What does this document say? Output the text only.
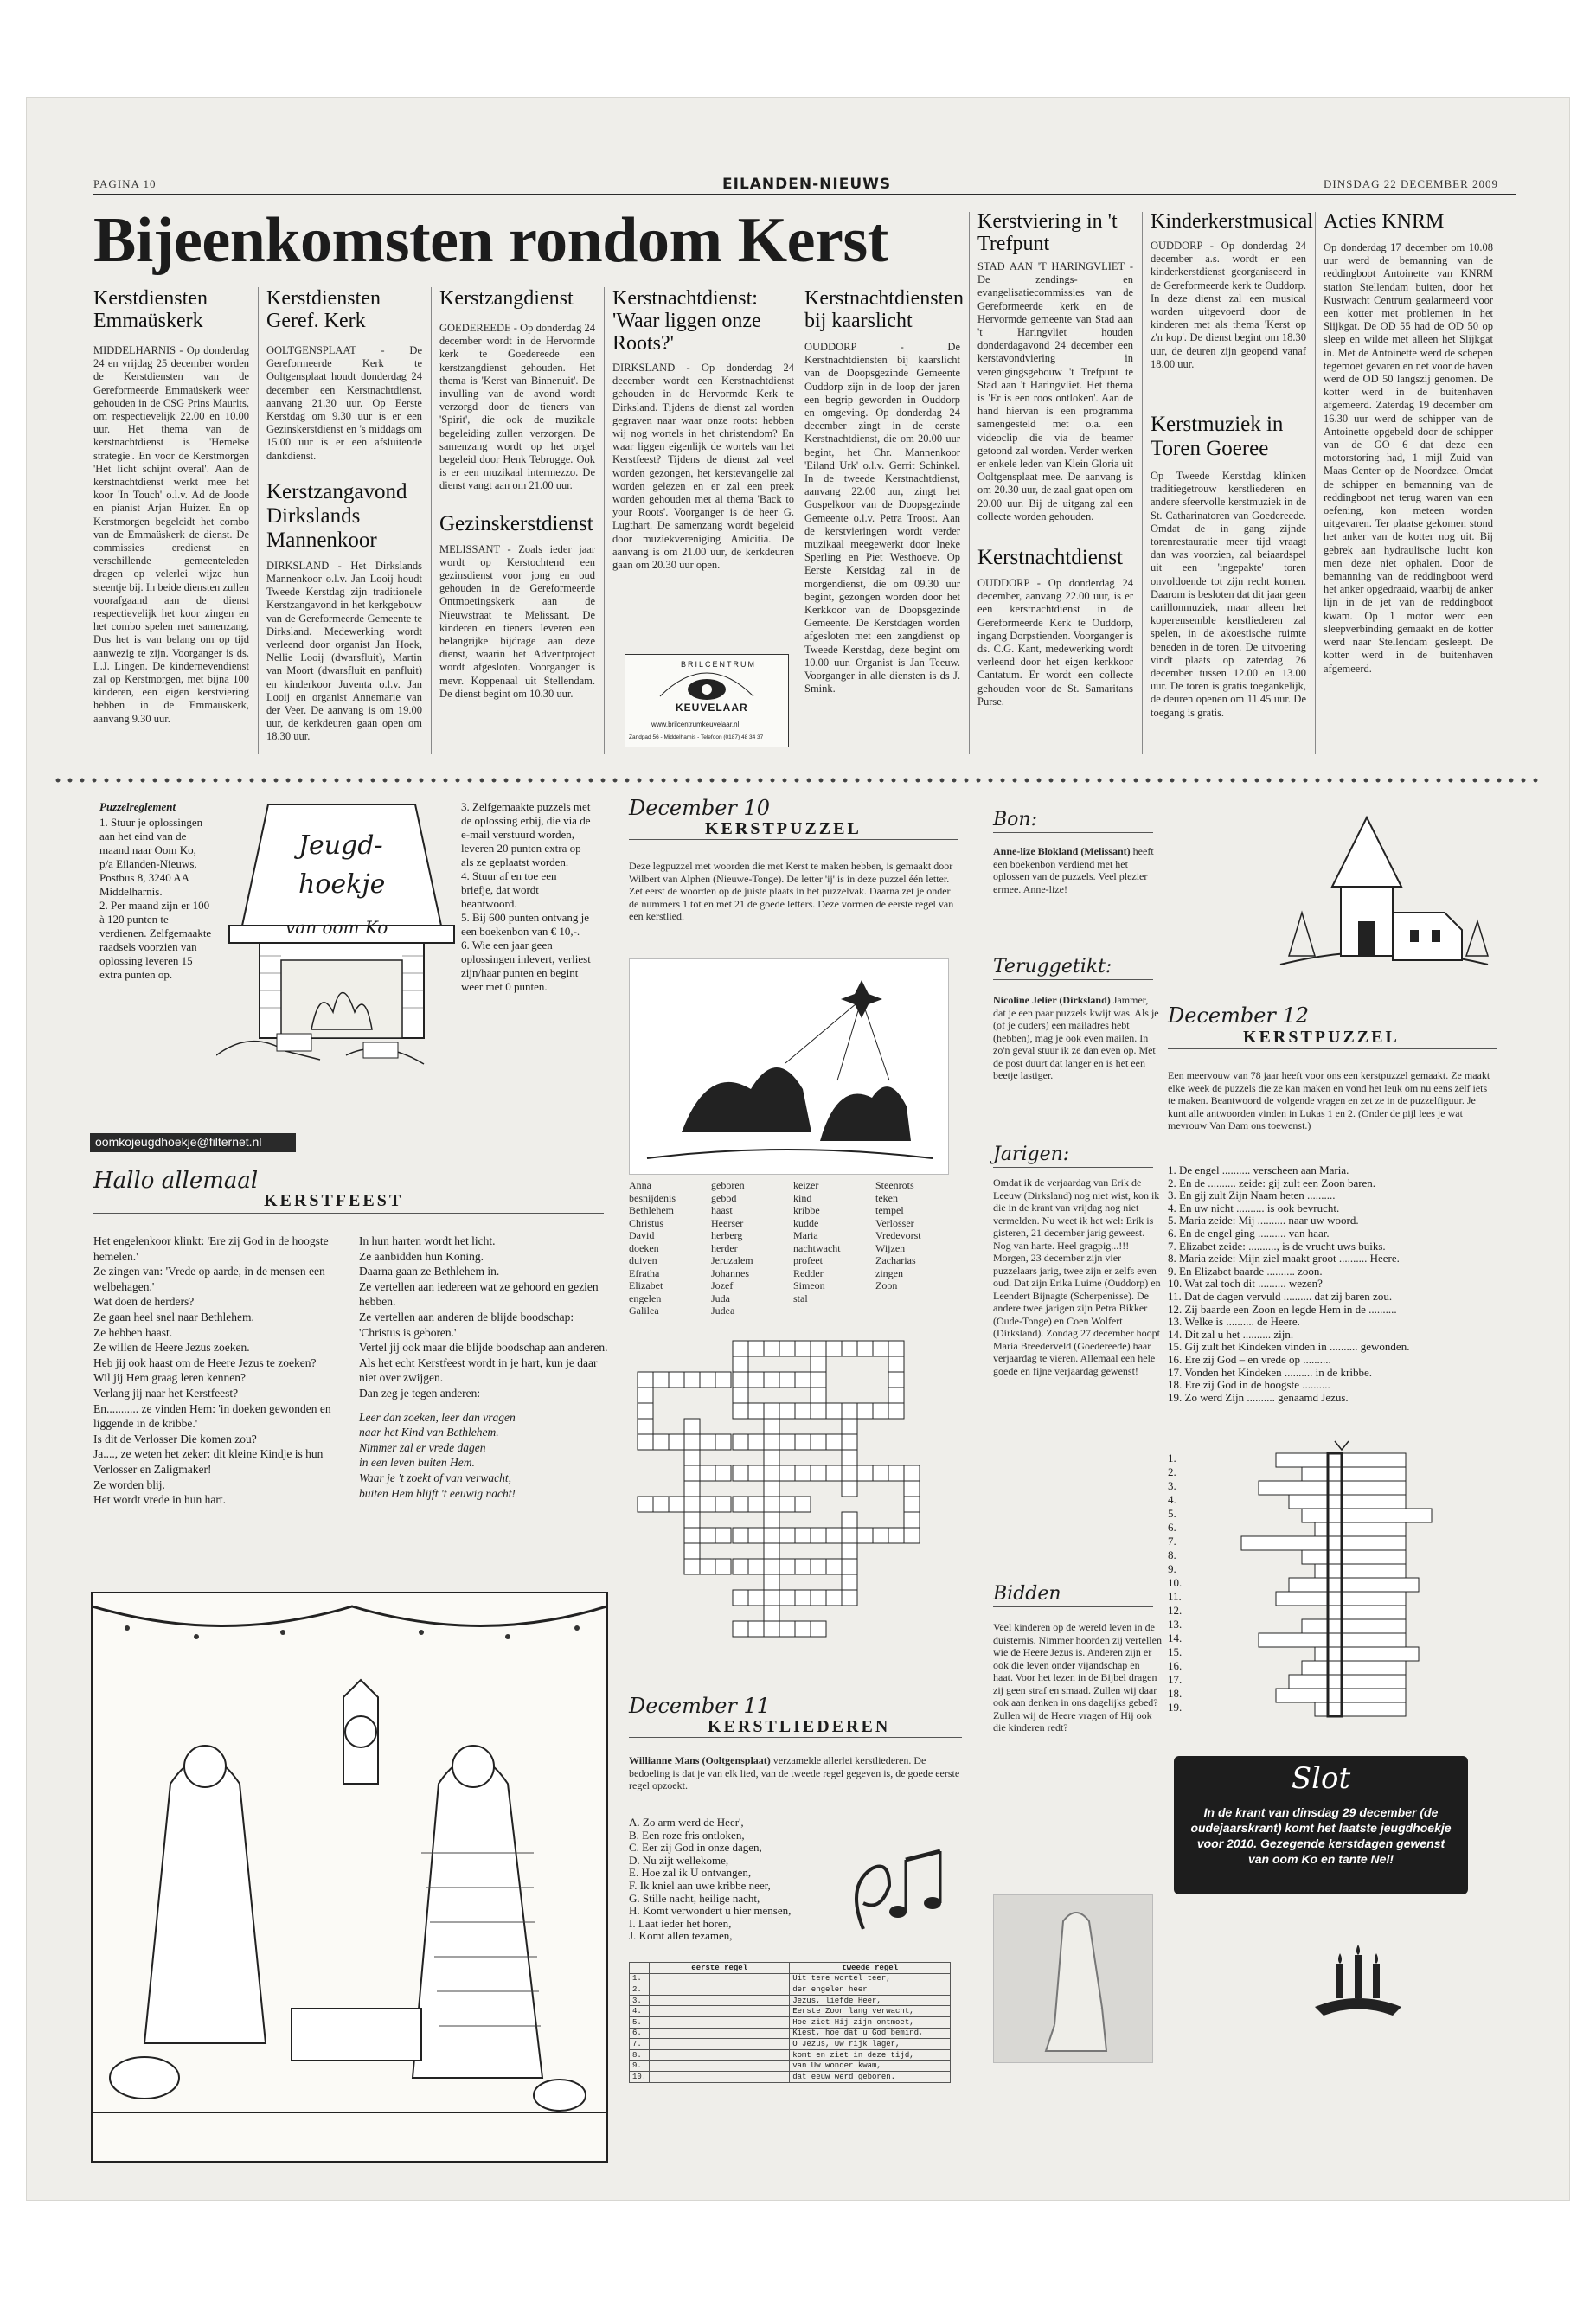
PAGINA 10	EILANDEN-NIEUWS	DINSDAG 22 DECEMBER 2009
Bijeenkomsten rondom Kerst
Kerstdiensten Emmaüskerk
MIDDELHARNIS - Op donderdag 24 en vrijdag 25 december worden de Kerstdiensten van de Gereformeerde Emmaüskerk weer gehouden in de CSG Prins Maurits, om respectievelijk 22.00 en 10.00 uur. Het thema van de kerstnachtdienst is 'Hemelse strategie'. En voor de Kerstmorgen 'Het licht schijnt overal'. Aan de kerstnachtdienst werkt mee het koor 'In Touch' o.l.v. Ad de Joode en pianist Arjan Huizer. En op Kerstmorgen begeleidt het combo van de Emmaüskerk de dienst. De commissies eredienst en verschillende gemeenteleden dragen op velerlei wijze hun steentje bij. In beide diensten zullen voorafgaand aan de dienst respectievelijk het koor zingen en het combo spelen met samenzang. Dus het is van belang om op tijd aanwezig te zijn. Voorganger is ds. L.J. Lingen. De kindernevendienst zal op Kerstmorgen, met bijna 100 kinderen, een eigen kerstviering hebben in de Emmaüskerk, aanvang 9.30 uur.
Kerstdiensten Geref. Kerk
OOLTGENSPLAAT - De Gereformeerde Kerk te Ooltgensplaat houdt donderdag 24 december een Kerstnachtdienst, aanvang 21.30 uur. Op Eerste Kerstdag om 9.30 uur is er een Gezinskerstdienst en 's middags om 15.00 uur is er een afsluitende dankdienst.
Kerstzangavond Dirkslands Mannenkoor
DIRKSLAND - Het Dirkslands Mannenkoor o.l.v. Jan Looij houdt Tweede Kerstdag zijn traditionele Kerstzangavond in het kerkgebouw van de Gereformeerde Gemeente te Dirksland. Medewerking wordt verleend door organist Jan Hoek, Nellie Looij (dwarsfluit), Martin van Moort (dwarsfluit en panfluit) en kinderkoor Juventa o.l.v. Jan Looij en organist Annemarie van der Veer. De aanvang is om 19.00 uur, de kerkdeuren gaan open om 18.30 uur.
Kerstzangdienst
GOEDEREEDE - Op donderdag 24 december wordt in de Hervormde kerk te Goedereede een kerstzangdienst gehouden. Het thema is 'Kerst van Binnenuit'. De invulling van de avond wordt verzorgd door de tieners van 'Spirit', die ook de muzikale begeleiding zullen verzorgen. De samenzang wordt op het orgel begeleid door Henk Tebrugge. Ook is er een muzikaal intermezzo. De dienst vangt aan om 21.00 uur.
Gezinskerstdienst
MELISSANT - Zoals ieder jaar wordt op Kerstochtend een gezinsdienst voor jong en oud gehouden in de Gereformeerde Ontmoetingskerk aan de Nieuwstraat te Melissant. De kinderen en tieners leveren een belangrijke bijdrage aan deze dienst, waarin het Adventproject wordt afgesloten. Voorganger is mevr. Koppenaal uit Stellendam. De dienst begint om 10.30 uur.
Kerstnachtdienst: 'Waar liggen onze Roots?'
DIRKSLAND - Op donderdag 24 december wordt een Kerstnachtdienst gehouden in de Hervormde Kerk te Dirksland. Tijdens de dienst zal worden gegraven naar waar onze roots: hebben wij nog wortels in het christendom? En waar liggen eigenlijk de wortels van het Kerstfeest? Tijdens de dienst zal veel worden gezongen, het kerstevangelie zal worden gelezen en er zal een preek worden gehouden met al thema 'Back to your Roots'. Voorganger is de heer G. Lugthart. De samenzang wordt begeleid door muziekvereniging Amicitia. De aanvang is om 21.00 uur, de kerkdeuren gaan om 20.30 uur open.
BRILCENTRUM
KEUVELAAR
www.brilcentrumkeuvelaar.nl
Zandpad 56 - Middelharnis - Telefoon (0187) 48 34 37
Kerstnachtdiensten bij kaarslicht
OUDDORP - De Kerstnachtdiensten bij kaarslicht van de Doopsgezinde Gemeente Ouddorp zijn in de loop der jaren een begrip geworden in Ouddorp en omgeving. Op donderdag 24 december zingt in de eerste Kerstnachtdienst, die om 20.00 uur begint, het Chr. Mannenkoor 'Eiland Urk' o.l.v. Gerrit Schinkel. In de tweede Kerstnachtdienst, aanvang 22.00 uur, zingt het Gospelkoor van de Doopsgezinde Gemeente o.l.v. Petra Troost. Aan de kerstvieringen wordt verder muzikaal meegewerkt door Ineke Sperling en Piet Westhoeve. Op Eerste Kerstdag zal in de morgendienst, die om 09.30 uur begint, gezongen worden door het Kerkkoor van de Doopsgezinde Gemeente. De Kerstdagen worden afgesloten met een zangdienst op Tweede Kerstdag, deze begint om 10.00 uur. Organist is Jan Teeuw. Voorganger in alle diensten is ds J. Smink.
Kerstviering in 't Trefpunt
STAD AAN 'T HARINGVLIET - De zendings- en evangelisatiecommissies van de Gereformeerde kerk en de Hervormde gemeente van Stad aan 't Haringvliet houden donderdagavond 24 december een kerstavondviering in verenigingsgebouw 't Trefpunt te Stad aan 't Haringvliet. Het thema is 'Er is een roos ontloken'. Aan de hand hiervan is een programma samengesteld met o.a. een videoclip die via de beamer getoond zal worden. Verder werken er enkele leden van Klein Gloria uit Ooltgensplaat mee. De aanvang is om 20.30 uur, de zaal gaat open om 20.00 uur. Bij de uitgang zal een collecte worden gehouden.
Kerstnachtdienst
OUDDORP - Op donderdag 24 december, aanvang 22.00 uur, is er een kerstnachtdienst in de Gereformeerde Kerk te Ouddorp, ingang Dorpstienden. Voorganger is ds. C.G. Kant, medewerking wordt verleend door het eigen kerkkoor Cantatum. Er wordt een collecte gehouden voor de St. Samaritans Purse.
Kinderkerstmusical
OUDDORP - Op donderdag 24 december a.s. wordt er een kinderkerstdienst georganiseerd in de Gereformeerde kerk te Ouddorp. In deze dienst zal een musical worden uitgevoerd door de kinderen met als thema 'Kerst op z'n kop'. De dienst begint om 18.30 uur, de deuren zijn geopend vanaf 18.00 uur.
Kerstmuziek in Toren Goeree
Op Tweede Kerstdag klinken traditiegetrouw kerstliederen en andere sfeervolle kerstmuziek in de St. Catharinatoren van Goedereede. Omdat de in gang zijnde torenrestauratie meer tijd vraagt dan was voorzien, zal beiaardspel uit een 'ingepakte' toren onvoldoende tot zijn recht komen. Daarom is besloten dat dit jaar geen carillonmuziek, maar alleen het koperensemble kerstliederen zal spelen, in de akoestische ruimte beneden in de toren. De uitvoering vindt plaats op zaterdag 26 december tussen 12.00 en 13.00 uur. De toren is gratis toegankelijk, de deuren openen om 11.45 uur. De toegang is gratis.
Acties KNRM
Op donderdag 17 december om 10.08 uur werd de bemanning van de reddingboot Antoinette van KNRM station Stellendam buiten, door het Kustwacht Centrum gealarmeerd voor een kotter met problemen in het Slijkgat. De OD 55 had de OD 50 op sleep en wilde met alleen het Slijkgat in. Met de Antoinette werd de schepen tegemoet gevaren en net voor de haven werd de OD 50 langszij genomen. De kotter werd in de buitenhaven afgemeerd. Zaterdag 19 december om 16.30 uur werd de schipper van de Antoinette opgebeld door de schipper van de GO 6 dat deze een motorstoring had, 1 mijl Zuid van Maas Center op de Noordzee. Omdat de schipper en bemanning van de reddingboot net terug waren van een oefening, kon meteen worden uitgevaren. Ter plaatse gekomen stond het anker van de kotter nog uit. Bij gebrek aan hydraulische lucht kon men deze niet ophalen. Door de bemanning van de reddingboot werd het anker opgedraaid, waarbij de anker lijn in de jet van de reddingboot kwam. Op 1 motor werd een sleepverbinding gemaakt en de kotter werd naar Stellendam gesleept. De kotter werd in de buitenhaven afgemeerd.
Puzzelreglement
1. Stuur je oplossingen aan het eind van de maand naar Oom Ko, p/a Eilanden-Nieuws, Postbus 8, 3240 AA Middelharnis.
2. Per maand zijn er 100 à 120 punten te verdienen. Zelfgemaakte raadsels voorzien van oplossing leveren 15 extra punten op.
3. Zelfgemaakte puzzels met de oplossing erbij, die via de e-mail verstuurd worden, leveren 20 punten extra op als ze geplaatst worden.
4. Stuur af en toe een briefje, dat wordt beantwoord.
5. Bij 600 punten ontvang je een boekenbon van € 10,-.
6. Wie een jaar geen oplossingen inlevert, verliest zijn/haar punten en begint weer met 0 punten.
Jeugd-
hoekje
van oom Ko
oomkojeugdhoekje@filternet.nl
Hallo allemaal
KERSTFEEST
Het engelenkoor klinkt: 'Ere zij God in de hoogste hemelen.'
Ze zingen van: 'Vrede op aarde, in de mensen een welbehagen.'
Wat doen de herders?
Ze gaan heel snel naar Bethlehem.
Ze hebben haast.
Ze willen de Heere Jezus zoeken.
Heb jij ook haast om de Heere Jezus te zoeken?
Wil jij Hem graag leren kennen?
Verlang jij naar het Kerstfeest?
En........... ze vinden Hem: 'in doeken gewonden en liggende in de kribbe.'
Is dit de Verlosser Die komen zou?
Ja...., ze weten het zeker: dit kleine Kindje is hun Verlosser en Zaligmaker!
Ze worden blij.
Het wordt vrede in hun hart.
In hun harten wordt het licht.
Ze aanbidden hun Koning.
Daarna gaan ze Bethlehem in.
Ze vertellen aan iedereen wat ze gehoord en gezien hebben.
Ze vertellen aan anderen de blijde boodschap: 'Christus is geboren.'
Vertel jij ook maar die blijde boodschap aan anderen.
Als het echt Kerstfeest wordt in je hart, kun je daar niet over zwijgen.
Dan zeg je tegen anderen:
Leer dan zoeken, leer dan vragen
naar het Kind van Bethlehem.
Nimmer zal er vrede dagen
in een leven buiten Hem.
Waar je 't zoekt of van verwacht,
buiten Hem blijft 't eeuwig nacht!
December 10
KERSTPUZZEL
Deze legpuzzel met woorden die met Kerst te maken hebben, is gemaakt door Wilbert van Alphen (Nieuwe-Tonge). De letter 'ij' is in deze puzzel één letter. Zet eerst de woorden op de juiste plaats in het puzzelvak. Daarna zet je onder de nummers 1 tot en met 21 de goede letters. Deze vormen de eerste regel van een kerstlied.
Anna	geboren	keizer	Steenrots
besnijdenis	gebod	kind	teken
Bethlehem	haast	kribbe	tempel
Christus	Heerser	kudde	Verlosser
David	herberg	Maria	Vredevorst
doeken	herder	nachtwacht	Wijzen
duiven	Jeruzalem	profeet	Zacharias
Efratha	Johannes	Redder	zingen
Elizabet	Jozef	Simeon	Zoon
engelen	Juda	stal
Galilea	Judea
December 11
KERSTLIEDEREN
Willianne Mans (Ooltgensplaat) verzamelde allerlei kerstliederen. De bedoeling is dat je van elk lied, van de tweede regel gegeven is, de goede eerste regel opzoekt.
A. Zo arm werd de Heer',
B. Een roze fris ontloken,
C. Eer zij God in onze dagen,
D. Nu zijt wellekome,
E. Hoe zal ik U ontvangen,
F. Ik kniel aan uwe kribbe neer,
G. Stille nacht, heilige nacht,
H. Komt verwondert u hier mensen,
I. Laat ieder het horen,
J. Komt allen tezamen,
	eerste regel	tweede regel
1.		Uit tere wortel teer,
2.		der engelen heer
3.		Jezus, liefde Heer,
4.		Eerste Zoon lang verwacht,
5.		Hoe ziet Hij zijn ontmoet,
6.		Kiest, hoe dat u God bemind,
7.		O Jezus, Uw rijk lager,
8.		komt en ziet in deze tijd,
9.		van Uw wonder kwam,
10.		dat eeuw werd geboren.
Bon:
Anne-lize Blokland (Melissant) heeft een boekenbon verdiend met het oplossen van de puzzels. Veel plezier ermee. Anne-lize!
Teruggetikt:
Nicoline Jelier (Dirksland) Jammer, dat je een paar puzzels kwijt was. Als je (of je ouders) een mailadres hebt (hebben), mag je ook even mailen. In zo'n geval stuur ik ze dan even op. Met de post duurt dat langer en is het een beetje lastiger.
Jarigen:
Omdat ik de verjaardag van Erik de Leeuw (Dirksland) nog niet wist, kon ik die in de krant van vrijdag nog niet vermelden. Nu weet ik het wel: Erik is gisteren, 21 december jarig geweest. Nog van harte. Heel gragpig...!!! Morgen, 23 december zijn vier puzzelaars jarig, twee zijn er zelfs even oud. Dat zijn Erika Luime (Ouddorp) en Leendert Bijnagte (Scherpenisse). De andere twee jarigen zijn Petra Bikker (Oude-Tonge) en Coen Wolfert (Dirksland). Zondag 27 december hoopt Maria Breederveld (Goedereede) haar verjaardag te vieren. Allemaal een hele goede en fijne verjaardag gewenst!
Bidden
Veel kinderen op de wereld leven in de duisternis. Nimmer hoorden zij vertellen wie de Heere Jezus is. Anderen zijn er ook die leven onder vijandschap en haat. Voor het lezen in de Bijbel dragen zij geen straf en smaad. Zullen wij daar ook aan denken in ons dagelijks gebed? Zullen wij de Heere vragen of Hij ook die kinderen redt?
December 12
KERSTPUZZEL
Een meervouw van 78 jaar heeft voor ons een kerstpuzzel gemaakt. Ze maakt elke week de puzzels die ze kan maken en vond het leuk om nu eens zelf iets te maken. Beantwoord de volgende vragen en zet ze in de puzzelfiguur. Je kunt alle antwoorden vinden in Lukas 1 en 2. (Onder de pijl lees je wat mevrouw Van Dam ons toewenst.)
1. De engel .......... verscheen aan Maria.
2. En de .......... zeide: gij zult een Zoon baren.
3. En gij zult Zijn Naam heten ..........
4. En uw nicht .......... is ook bevrucht.
5. Maria zeide: Mij .......... naar uw woord.
6. En de engel ging .......... van haar.
7. Elizabet zeide: .........., is de vrucht uws buiks.
8. Maria zeide: Mijn ziel maakt groot .......... Heere.
9. En Elizabet baarde .......... zoon.
10. Wat zal toch dit .......... wezen?
11. Dat de dagen vervuld .......... dat zij baren zou.
12. Zij baarde een Zoon en legde Hem in de ..........
13. Welke is .......... de Heere.
14. Dit zal u het .......... zijn.
15. Gij zult het Kindeken vinden in .......... gewonden.
16. Ere zij God – en vrede op ..........
17. Vonden het Kindeken .......... in de kribbe.
18. Ere zij God in de hoogste ..........
19. Zo werd Zijn .......... genaamd Jezus.
1.
2.
3.
4.
5.
6.
7.
8.
9.
10.
11.
12.
13.
14.
15.
16.
17.
18.
19.
Slot
In de krant van dinsdag 29 december (de oudejaarskrant) komt het laatste jeugdhoekje voor 2010. Gezegende kerstdagen gewenst van oom Ko en tante Nel!
